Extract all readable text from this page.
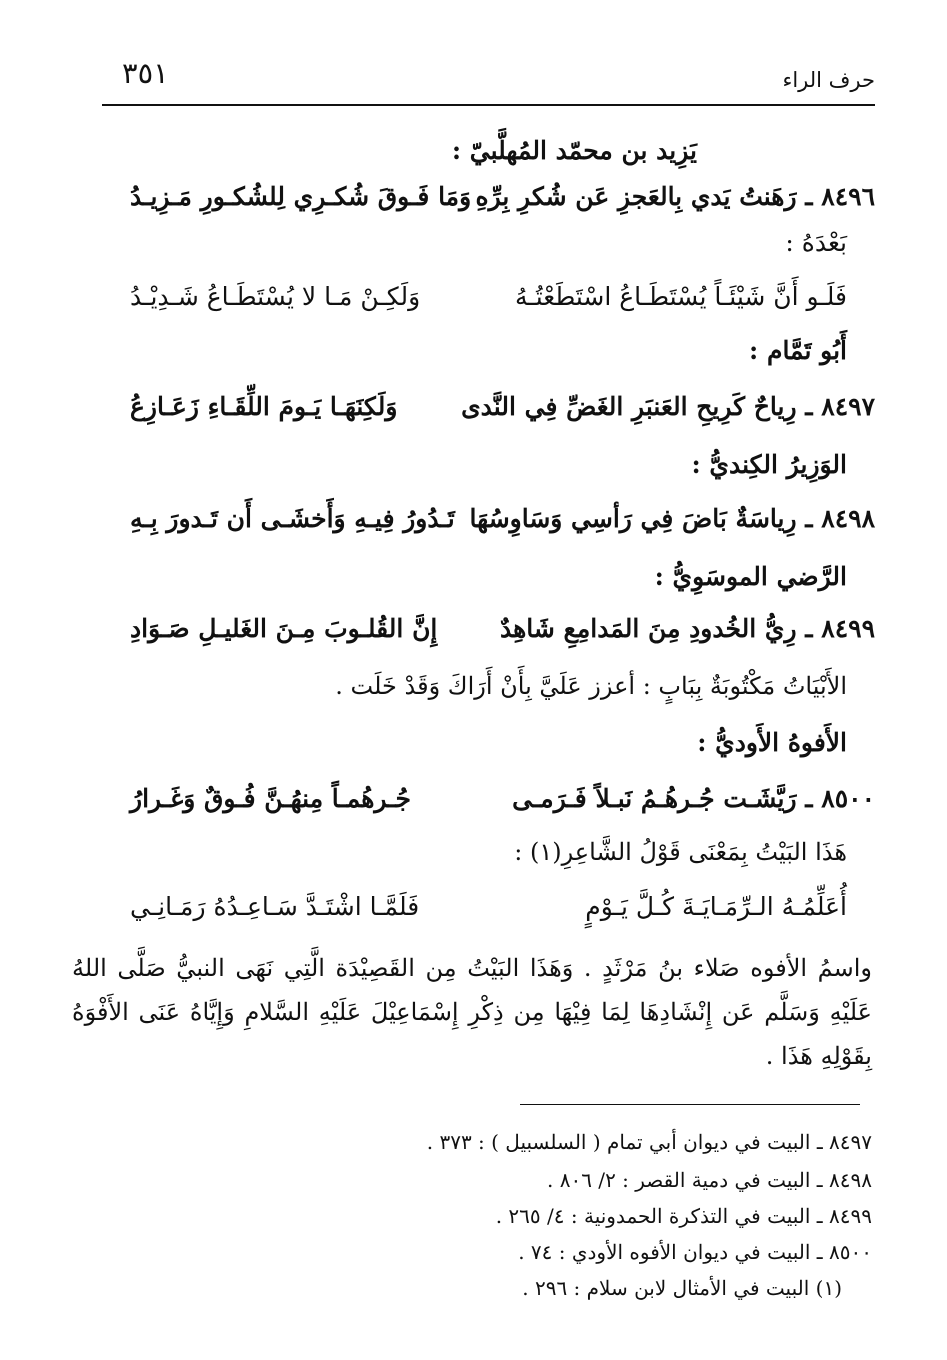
حرف الراء
٣٥١
يَزِيد بن محمّد المُهلَّبيّ :
٨٤٩٦ ـ رَهَنتُ يَدي بِالعَجزِ عَن شُكرِ بِرِّهِ
وَمَا فَـوقَ شُكـرِي لِلشُكـورِ مَـزِيـدُ
بَعْدَهُ :
فَلَـو أَنَّ شَيْئَـاً يُسْتَطَـاعُ اسْتَطَعْتُـهُ
وَلَكِـنْ مَـا لا يُسْتَطَـاعُ شَـدِيْـدُ
أَبُو تَمَّام :
٨٤٩٧ ـ رِياحٌ كَرِيحِ العَنبَرِ الغَضِّ فِي النَّدى
وَلَكِنَهَـا يَـومَ اللِّقَـاءِ زَعَـازِعُ
الوَزِيرُ الكِنديُّ :
٨٤٩٨ ـ رِياسَةٌ بَاضَ فِي رَأسِي وَسَاوِسُهَا
تَـدُورُ فِيـهِ وَأَخشَـى أَن تَـدورَ بِـهِ
الرَّضي الموسَوِيُّ :
٨٤٩٩ ـ رِيُّ الخُدودِ مِنَ المَدامِعِ شَاهِدٌ
إِنَّ القُلـوبَ مِـنَ الغَليـلِ صَـوَادِ
الأَبْيَاتُ مَكْتُوبَةٌ بِبَابٍ : أعزز عَلَيَّ بِأَنْ أَرَاكَ وَقَدْ خَلَت .
الأَفوهُ الأَوديُّ :
٨٥٠٠ ـ رَيَّشَـت جُـرهُـمُ نَبـلاً فَـرَمـى
جُـرهُمـاً مِنهُـنَّ فُـوقٌ وَغَـرارُ
هَذَا البَيْتُ بِمَعْنَى قَوْلُ الشَّاعِرِ(١) :
أُعَلِّمُـهُ الـرِّمَـايَـةَ كُـلَّ يَـوْمٍ
فَلَمَّـا اشْتَـدَّ سَـاعِـدُهُ رَمَـانِـي
واسمُ الأفوه صَلاء بنُ مَرْثَدٍ . وَهَذَا البَيْتُ مِن القَصِيْدَة الَّتِي نَهَى النبيُّ صَلَّى اللهُ عَلَيْهِ وَسَلَّم عَن إِنْشَادِهَا لِمَا فِيْهَا مِن ذِكْرِ إِسْمَاعِيْلَ عَلَيْهِ السَّلامِ وَإِيَّاهُ عَنَى الأَفْوَهُ بِقَوْلِهِ هَذَا .
٨٤٩٧ ـ البيت في ديوان أبي تمام ( السلسبيل ) : ٣٧٣ .
٨٤٩٨ ـ البيت في دمية القصر : ٢/ ٨٠٦ .
٨٤٩٩ ـ البيت في التذكرة الحمدونية : ٤/ ٢٦٥ .
٨٥٠٠ ـ البيت في ديوان الأفوه الأودي : ٧٤ .
(١) البيت في الأمثال لابن سلام : ٢٩٦ .
